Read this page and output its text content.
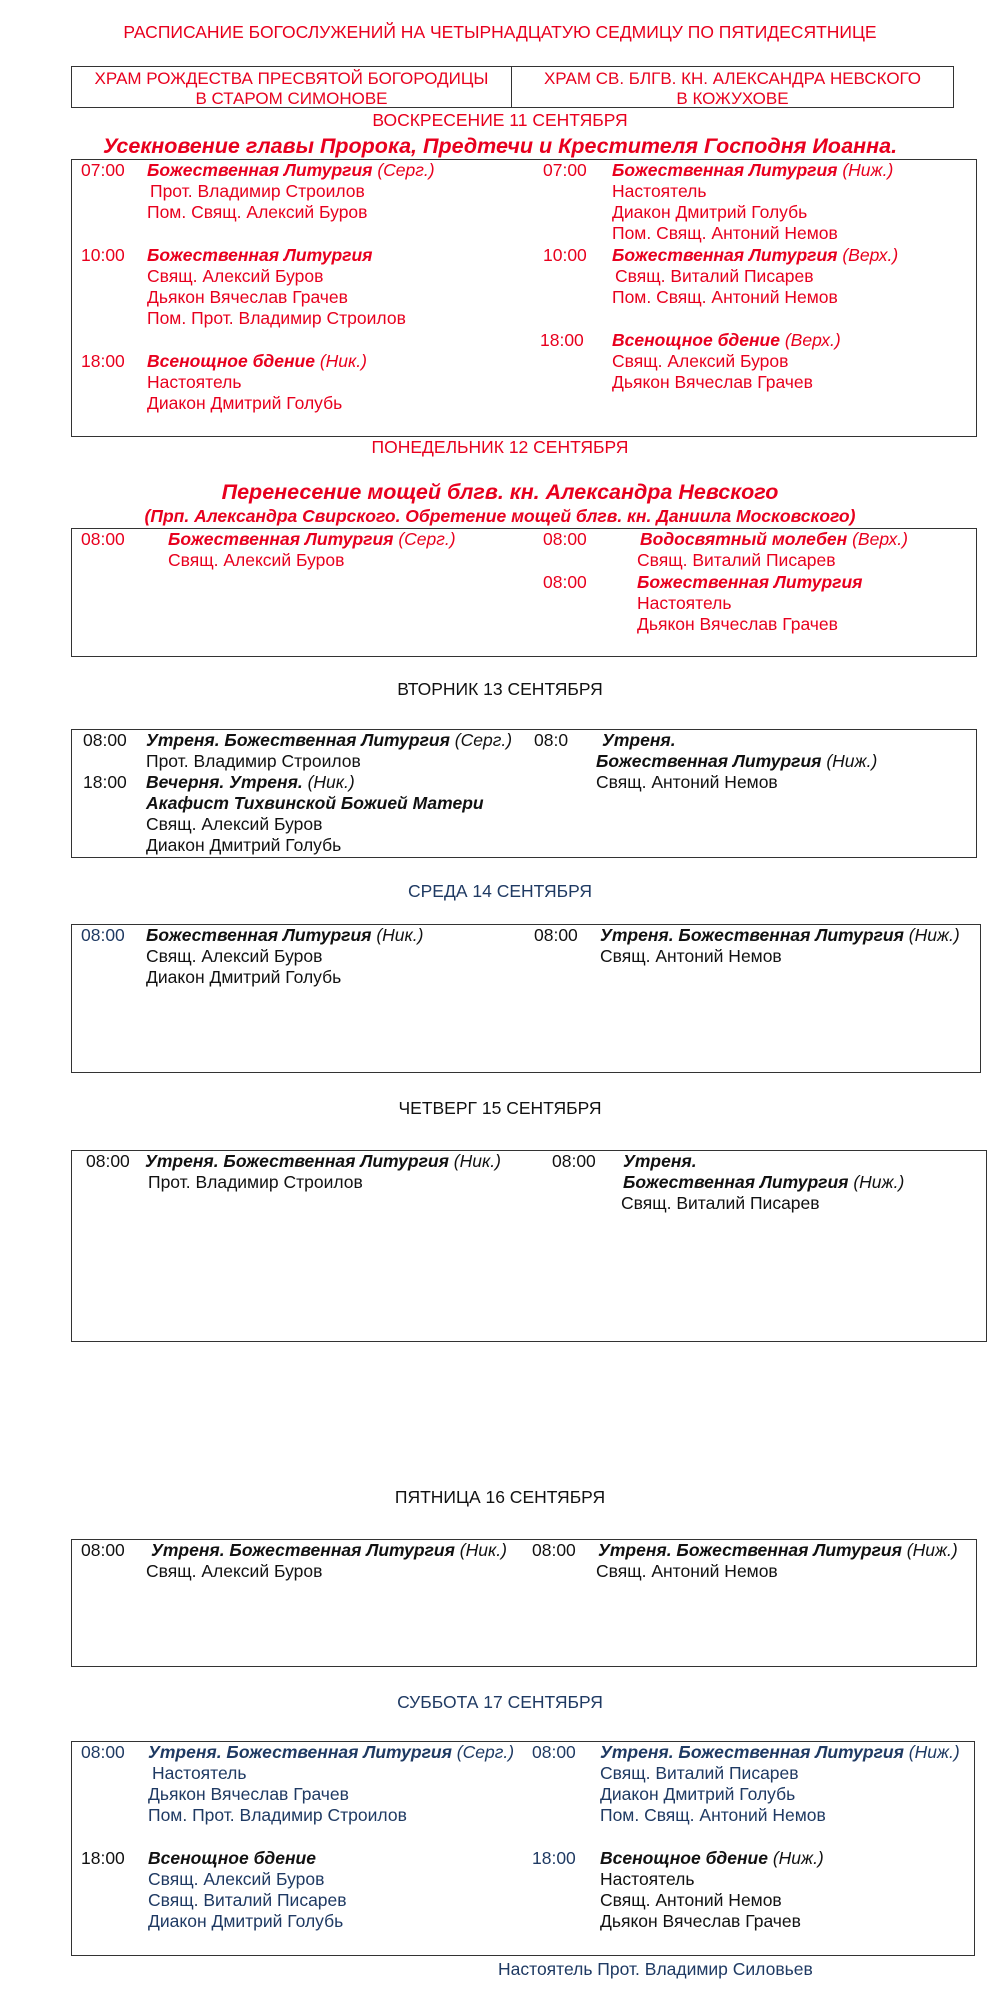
РАСПИСАНИЕ БОГОСЛУЖЕНИЙ НА ЧЕТЫРНАДЦАТУЮ СЕДМИЦУ ПО ПЯТИДЕСЯТНИЦЕ
ХРАМ РОЖДЕСТВА ПРЕСВЯТОЙ БОГОРОДИЦЫ
В СТАРОМ СИМОНОВЕ
ХРАМ СВ. БЛГВ. КН. АЛЕКСАНДРА НЕВСКОГО
В КОЖУХОВЕ
ВОСКРЕСЕНИЕ 11 СЕНТЯБРЯ
Усекновение главы Пророка, Предтечи и Крестителя Господня Иоанна.
07:00 Божественная Литургия (Серг.)
Прот. Владимир Строилов
Пом. Свящ. Алексий Буров
10:00 Божественная Литургия
Свящ. Алексий Буров
Дьякон Вячеслав Грачев
Пом. Прот. Владимир Строилов
18:00 Всенощное бдение (Ник.)
Настоятель
Диакон Дмитрий Голубь
07:00 Божественная Литургия (Ниж.)
Настоятель
Диакон Дмитрий Голубь
Пом. Свящ. Антоний Немов
10:00 Божественная Литургия (Верх.)
Свящ. Виталий Писарев
Пом. Свящ. Антоний Немов
18:00 Всенощное бдение (Верх.)
Свящ. Алексий Буров
Дьякон Вячеслав Грачев
ПОНЕДЕЛЬНИК 12 СЕНТЯБРЯ
Перенесение мощей блгв. кн. Александра Невского
(Прп. Александра Свирского. Обретение мощей блгв. кн. Даниила Московского)
08:00 Божественная Литургия (Серг.)
Свящ. Алексий Буров
08:00	Водосвятный молебен (Верх.)
Свящ. Виталий Писарев
08:00	Божественная Литургия
Настоятель
Дьякон Вячеслав Грачев
ВТОРНИК 13 СЕНТЯБРЯ
08:00 Утреня. Божественная Литургия (Серг.)
Прот. Владимир Строилов
18:00 Вечерня. Утреня. (Ник.)
Акафист Тихвинской Божией Матери
Свящ. Алексий Буров
Диакон Дмитрий Голубь
08:0 Утреня.
Божественная Литургия (Ниж.)
Свящ. Антоний Немов
СРЕДА 14 СЕНТЯБРЯ
08:00 Божественная Литургия (Ник.)
Свящ. Алексий Буров
Диакон Дмитрий Голубь
08:00 Утреня. Божественная Литургия (Ниж.)
Свящ. Антоний Немов
ЧЕТВЕРГ 15 СЕНТЯБРЯ
08:00 Утреня. Божественная Литургия (Ник.)
Прот. Владимир Строилов
08:00 Утреня.
Божественная Литургия (Ниж.)
Свящ. Виталий Писарев
ПЯТНИЦА 16 СЕНТЯБРЯ
08:00 Утреня. Божественная Литургия (Ник.)
Свящ. Алексий Буров
08:00 Утреня. Божественная Литургия (Ниж.)
Свящ. Антоний Немов
СУББОТА 17 СЕНТЯБРЯ
08:00 Утреня. Божественная Литургия (Серг.)
Настоятель
Дьякон Вячеслав Грачев
Пом. Прот. Владимир Строилов
18:00 Всенощное бдение
Свящ. Алексий Буров
Свящ. Виталий Писарев
Диакон Дмитрий Голубь
08:00 Утреня. Божественная Литургия (Ниж.)
Свящ. Виталий Писарев
Диакон Дмитрий Голубь
Пом. Свящ. Антоний Немов
18:00 Всенощное бдение (Ниж.)
Настоятель
Свящ. Антоний Немов
Дьякон Вячеслав Грачев
Настоятель Прот. Владимир Силовьев
